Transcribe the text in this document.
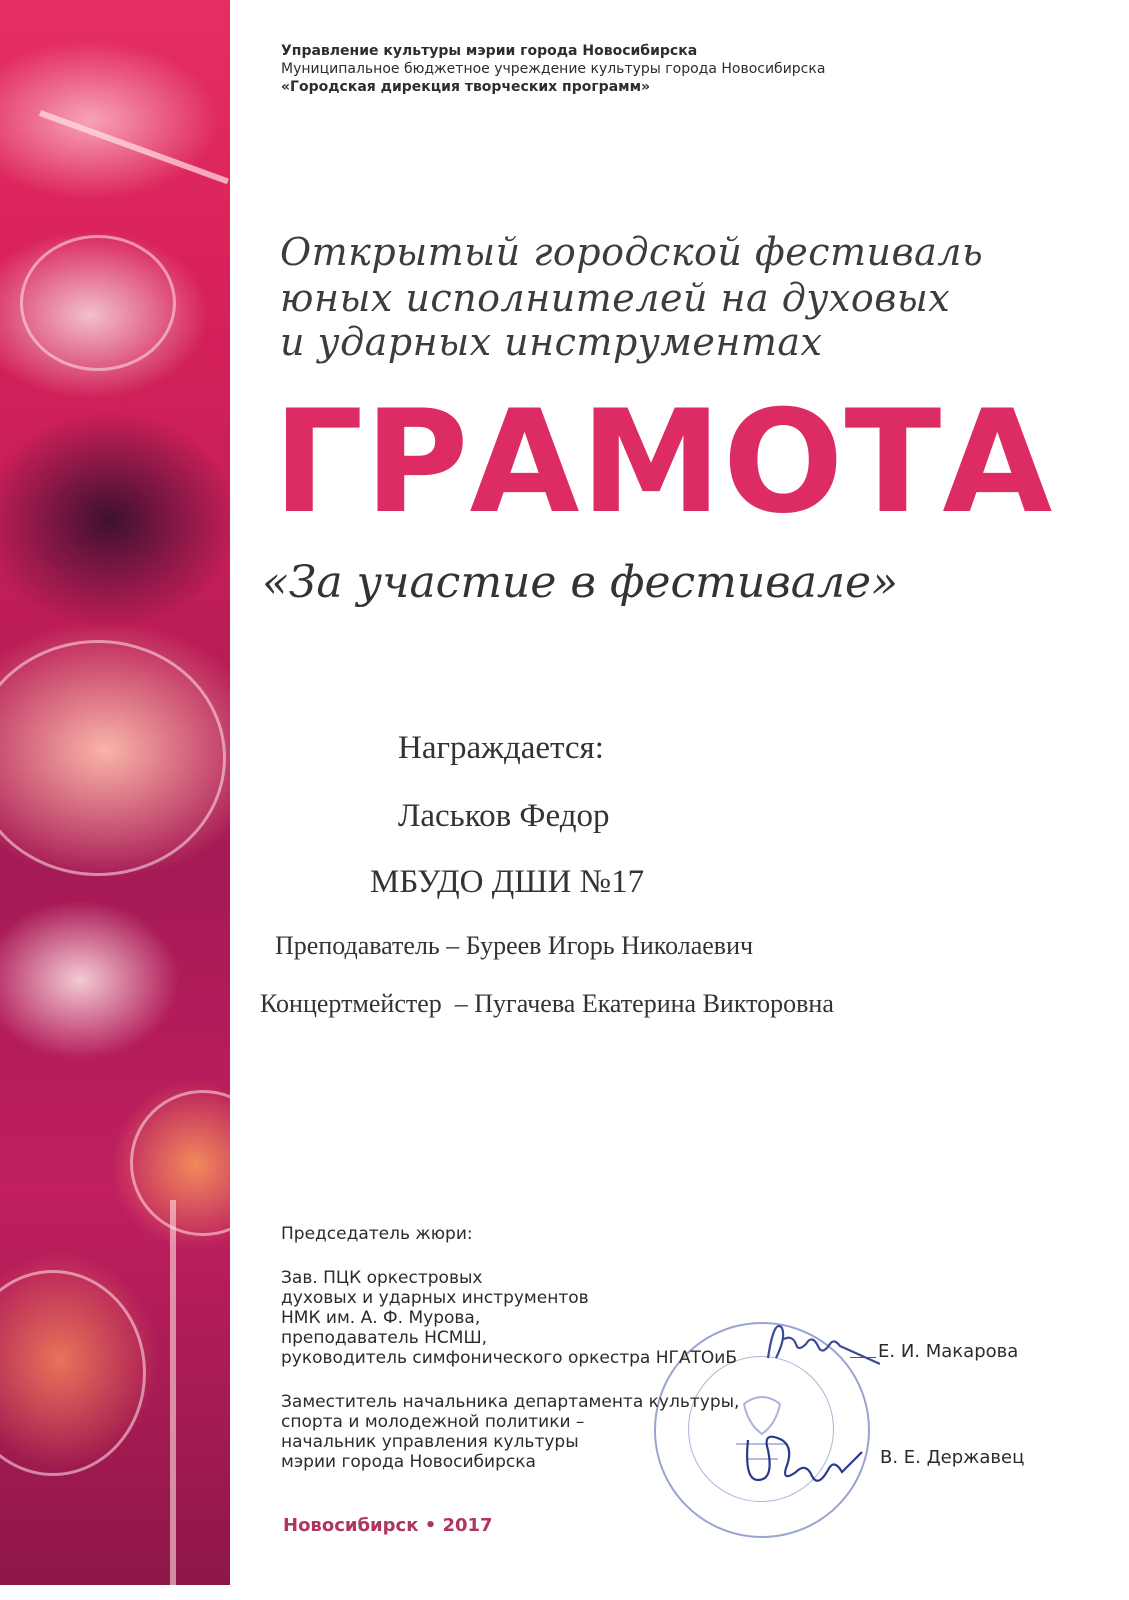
Управление культуры мэрии города Новосибирска
Муниципальное бюджетное учреждение культуры города Новосибирска
«Городская дирекция творческих программ»
Открытый городской фестиваль
юных исполнителей на духовых
и ударных инструментах
ГРАМОТА
«За участие в фестивале»
Награждается:
Ласьков Федор
МБУДО ДШИ №17
Преподаватель – Буреев Игорь Николаевич
Концертмейстер  – Пугачева Екатерина Викторовна
Председатель жюри:
Зав. ПЦК оркестровых
духовых и ударных инструментов
НМК им. А. Ф. Мурова,
преподаватель НСМШ,
руководитель симфонического оркестра НГАТОиБ	Е. И. Макарова
Заместитель начальника департамента культуры,
спорта и молодежной политики –
начальник управления культуры
мэрии города Новосибирска	В. Е. Державец
Новосибирск • 2017
